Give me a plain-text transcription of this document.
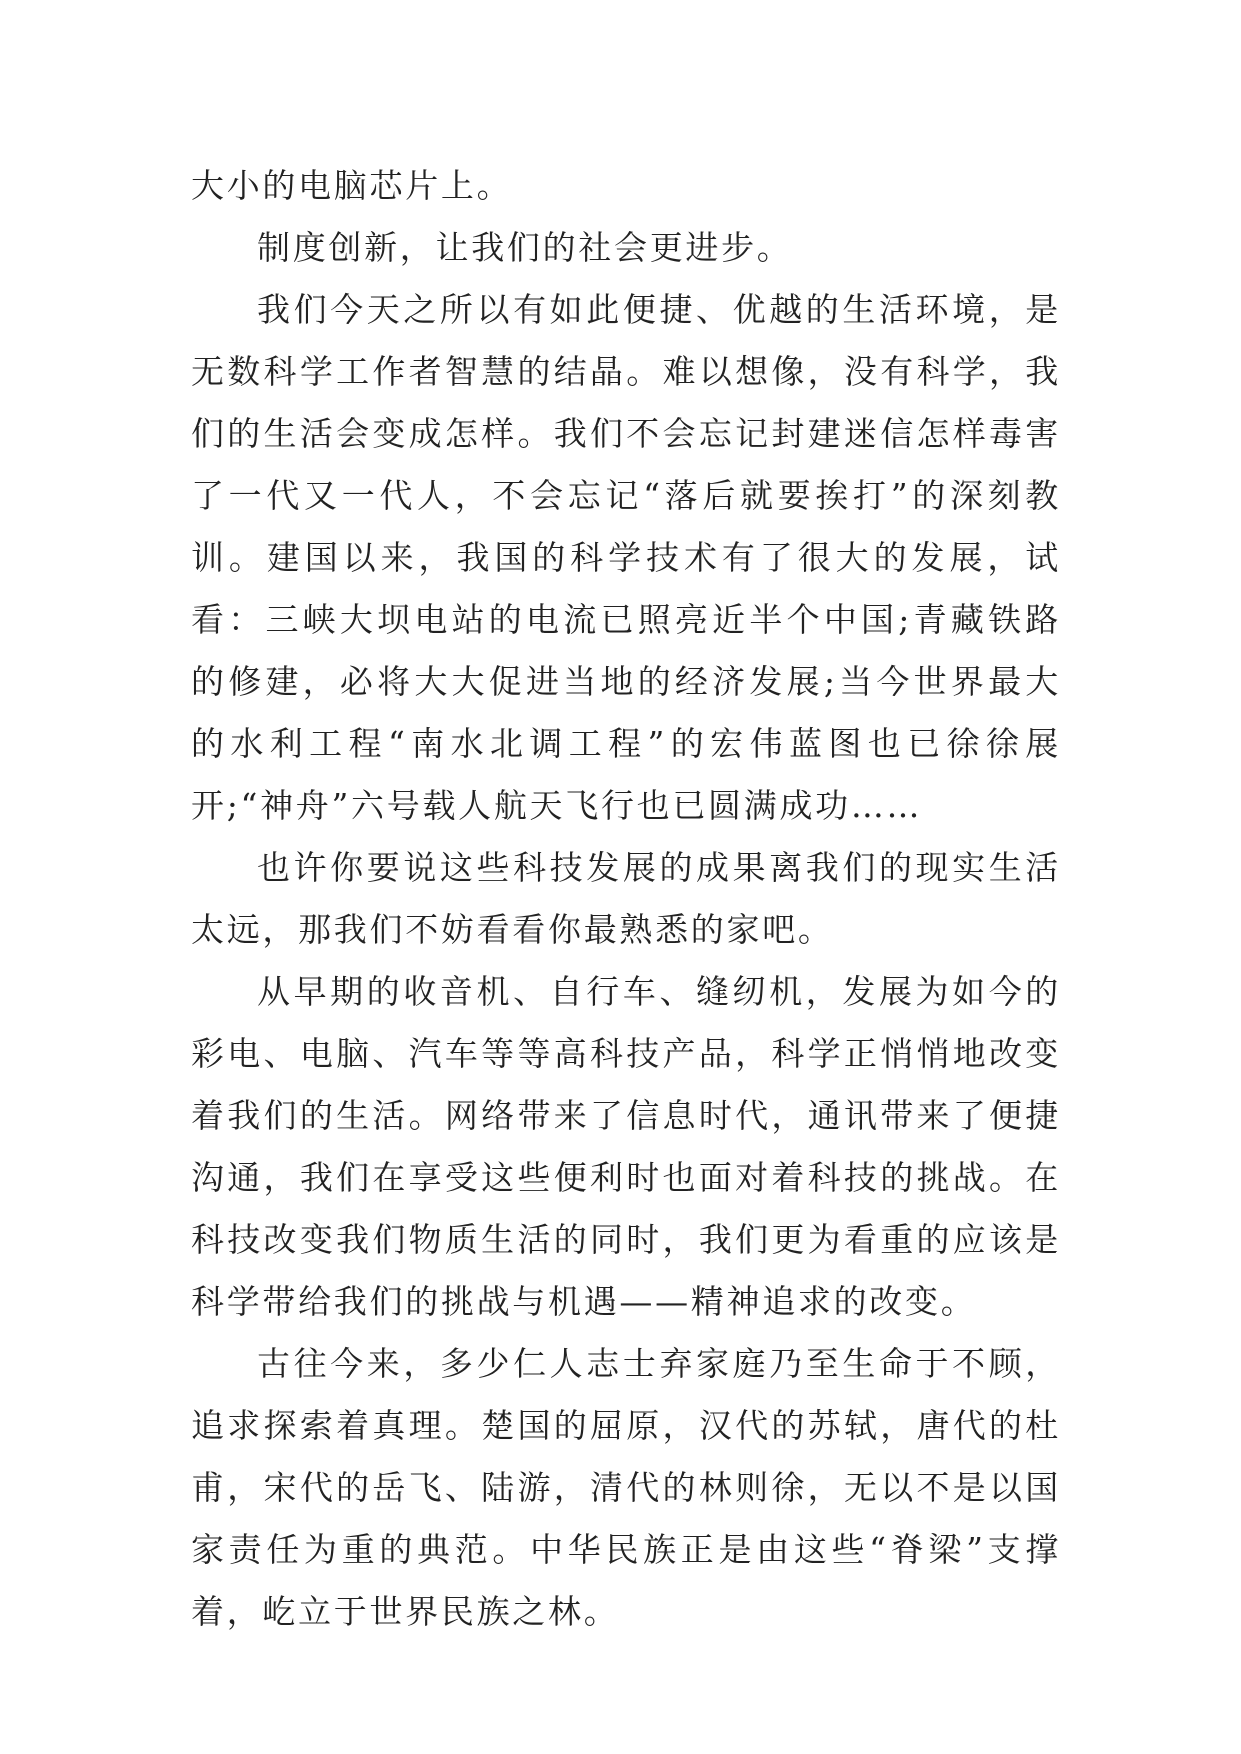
大小的电脑芯片上。

制度创新，让我们的社会更进步。

我们今天之所以有如此便捷、优越的生活环境，是无数科学工作者智慧的结晶。难以想像，没有科学，我们的生活会变成怎样。我们不会忘记封建迷信怎样毒害了一代又一代人，不会忘记“落后就要挨打”的深刻教训。建国以来，我国的科学技术有了很大的发展，试看：三峡大坝电站的电流已照亮近半个中国;青藏铁路的修建，必将大大促进当地的经济发展;当今世界最大的水利工程“南水北调工程”的宏伟蓝图也已徐徐展开;“神舟”六号载人航天飞行也已圆满成功……

也许你要说这些科技发展的成果离我们的现实生活太远，那我们不妨看看你最熟悉的家吧。

从早期的收音机、自行车、缝纫机，发展为如今的彩电、电脑、汽车等等高科技产品，科学正悄悄地改变着我们的生活。网络带来了信息时代，通讯带来了便捷沟通，我们在享受这些便利时也面对着科技的挑战。在科技改变我们物质生活的同时，我们更为看重的应该是科学带给我们的挑战与机遇——精神追求的改变。

古往今来，多少仁人志士弃家庭乃至生命于不顾，追求探索着真理。楚国的屈原，汉代的苏轼，唐代的杜甫，宋代的岳飞、陆游，清代的林则徐，无以不是以国家责任为重的典范。中华民族正是由这些“脊梁”支撑着，屹立于世界民族之林。
